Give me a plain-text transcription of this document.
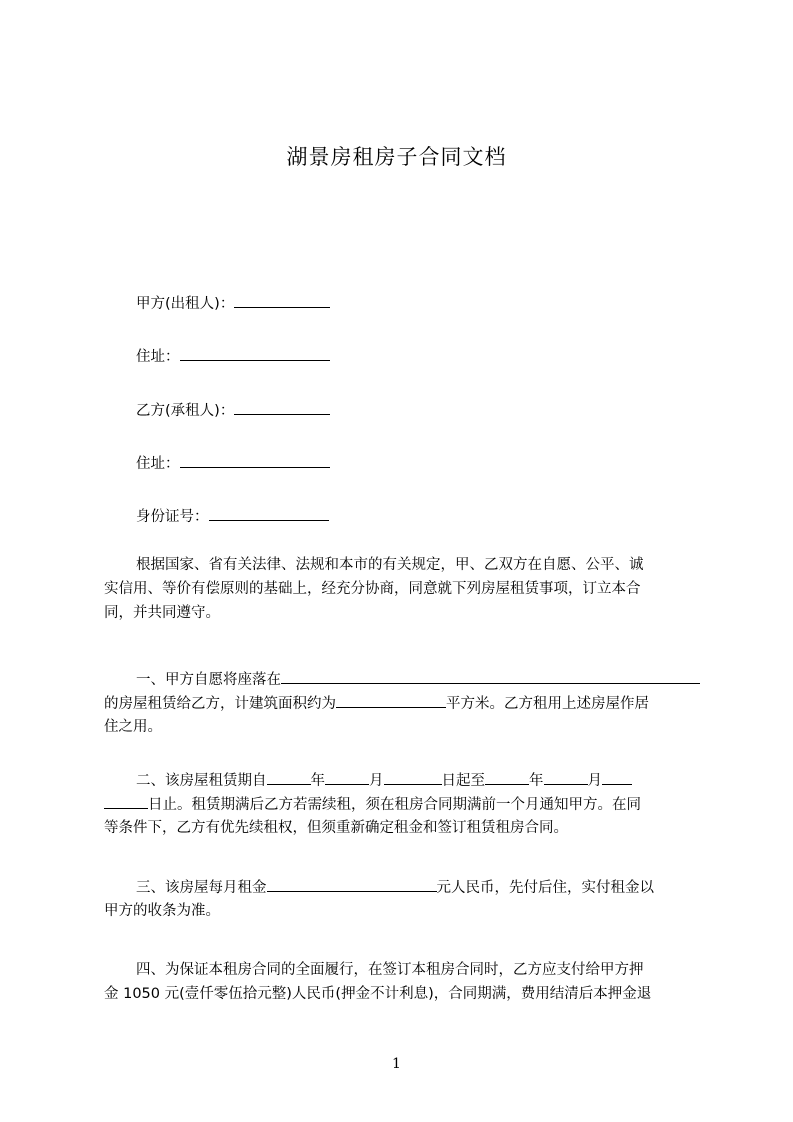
湖景房租房子合同文档
甲方(出租人)：
住址：
乙方(承租人)：
住址：
身份证号：
根据国家、省有关法律、法规和本市的有关规定，甲、乙双方在自愿、公平、诚
实信用、等价有偿原则的基础上，经充分协商，同意就下列房屋租赁事项，订立本合
同，并共同遵守。
一、甲方自愿将座落在
的房屋租赁给乙方，计建筑面积约为	平方米。乙方租用上述房屋作居
住之用。
二、该房屋租赁期自	年	月	日起至	年	月
日止。租赁期满后乙方若需续租，须在租房合同期满前一个月通知甲方。在同
等条件下，乙方有优先续租权，但须重新确定租金和签订租赁租房合同。
三、该房屋每月租金	元人民币，先付后住，实付租金以
甲方的收条为准。
四、为保证本租房合同的全面履行，在签订本租房合同时，乙方应支付给甲方押
金 1050 元(壹仟零伍拾元整)人民币(押金不计利息)，合同期满，费用结清后本押金退
1
